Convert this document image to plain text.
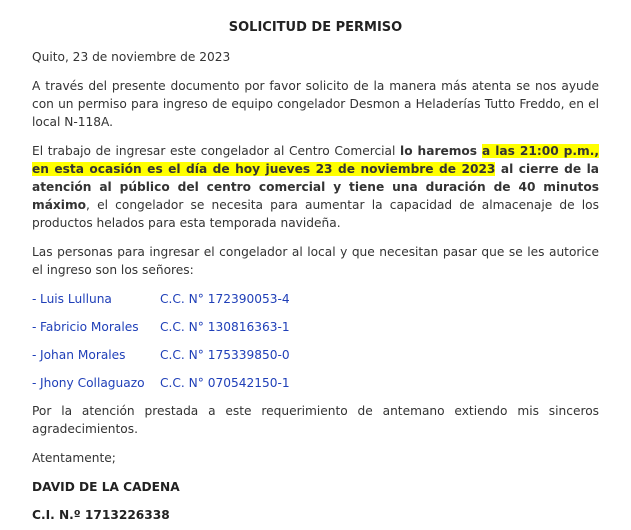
SOLICITUD DE PERMISO
Quito, 23 de noviembre de 2023
A través del presente documento por favor solicito de la manera más atenta se nos ayude con un permiso para ingreso de equipo congelador Desmon a Heladerías Tutto Freddo, en el local N-118A.
El trabajo de ingresar este congelador al Centro Comercial lo haremos a las 21:00 p.m., en esta ocasión es el día de hoy jueves 23 de noviembre de 2023 al cierre de la atención al público del centro comercial y tiene una duración de 40 minutos máximo, el congelador se necesita para aumentar la capacidad de almacenaje de los productos helados para esta temporada navideña.
Las personas para ingresar el congelador al local y que necesitan pasar que se les autorice el ingreso son los señores:
- Luis Lulluna	C.C. N° 172390053-4
- Fabricio Morales C.C. N° 130816363-1
- Johan Morales	C.C. N° 175339850-0
- Jhony Collaguazo C.C. N° 070542150-1
Por la atención prestada a este requerimiento de antemano extiendo mis sinceros agradecimientos.
Atentamente;
DAVID DE LA CADENA
C.I. N.º 1713226338
